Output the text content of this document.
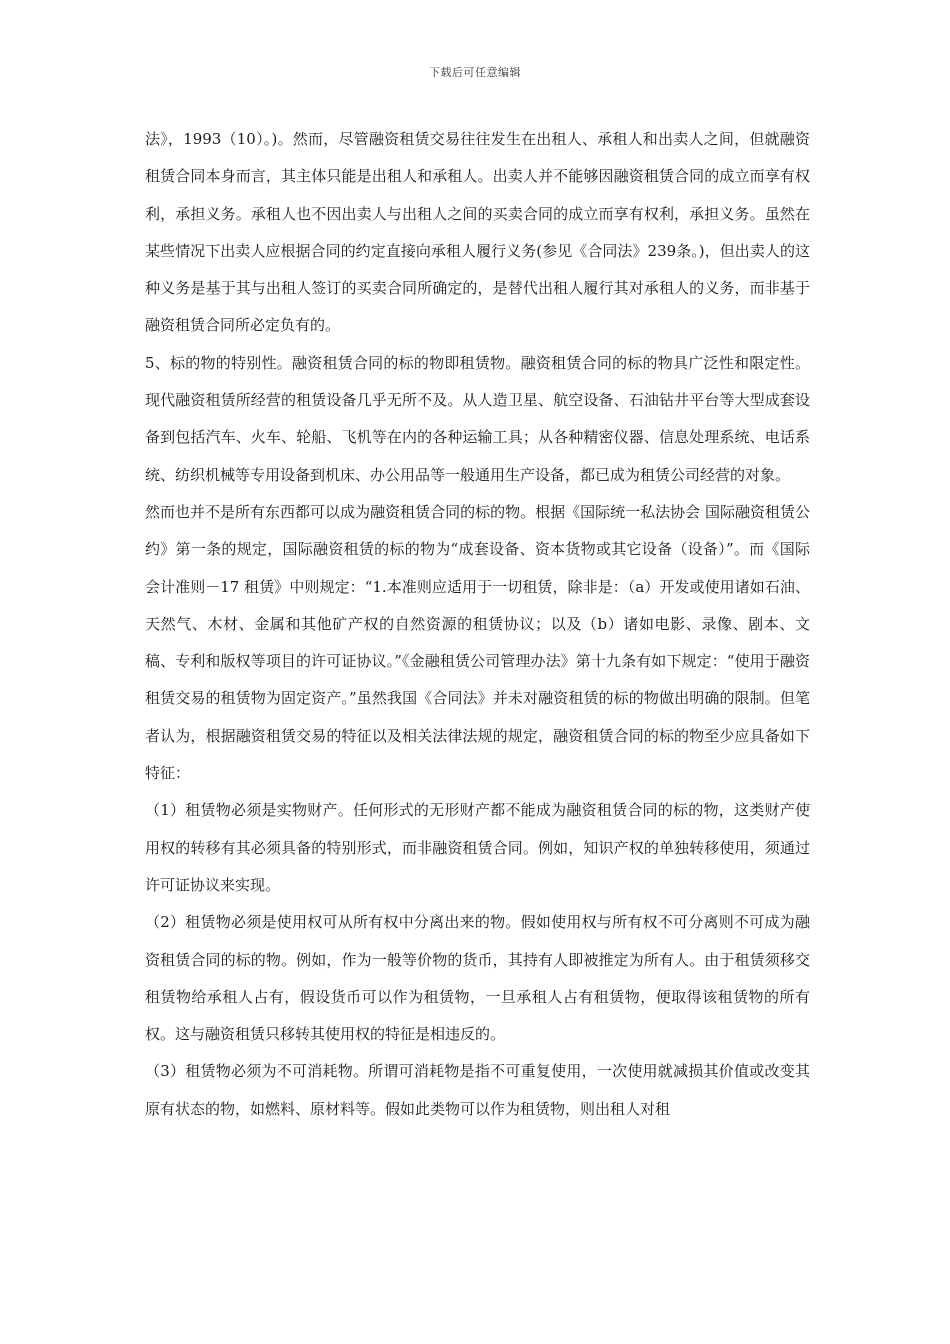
下载后可任意编辑

法》，1993（10）。)。然而，尽管融资租赁交易往往发生在出租人、承租人和出卖人之间，但就融资租赁合同本身而言，其主体只能是出租人和承租人。出卖人并不能够因融资租赁合同的成立而享有权利，承担义务。承租人也不因出卖人与出租人之间的买卖合同的成立而享有权利，承担义务。虽然在某些情况下出卖人应根据合同的约定直接向承租人履行义务(参见《合同法》239条。)，但出卖人的这种义务是基于其与出租人签订的买卖合同所确定的，是替代出租人履行其对承租人的义务，而非基于融资租赁合同所必定负有的。

5、标的物的特别性。融资租赁合同的标的物即租赁物。融资租赁合同的标的物具广泛性和限定性。现代融资租赁所经营的租赁设备几乎无所不及。从人造卫星、航空设备、石油钻井平台等大型成套设备到包括汽车、火车、轮船、飞机等在内的各种运输工具；从各种精密仪器、信息处理系统、电话系统、纺织机械等专用设备到机床、办公用品等一般通用生产设备，都已成为租赁公司经营的对象。

然而也并不是所有东西都可以成为融资租赁合同的标的物。根据《国际统一私法协会 国际融资租赁公约》第一条的规定，国际融资租赁的标的物为“成套设备、资本货物或其它设备（设备）”。而《国际会计准则－17 租赁》中则规定：“1.本准则应适用于一切租赁，除非是：（a）开发或使用诸如石油、天然气、木材、金属和其他矿产权的自然资源的租赁协议；以及（b）诸如电影、录像、剧本、文稿、专利和版权等项目的许可证协议。”《金融租赁公司管理办法》第十九条有如下规定：“使用于融资租赁交易的租赁物为固定资产。”虽然我国《合同法》并未对融资租赁的标的物做出明确的限制。但笔者认为，根据融资租赁交易的特征以及相关法律法规的规定，融资租赁合同的标的物至少应具备如下特征：

（1）租赁物必须是实物财产。任何形式的无形财产都不能成为融资租赁合同的标的物，这类财产使用权的转移有其必须具备的特别形式，而非融资租赁合同。例如，知识产权的单独转移使用，须通过许可证协议来实现。

（2）租赁物必须是使用权可从所有权中分离出来的物。假如使用权与所有权不可分离则不可成为融资租赁合同的标的物。例如，作为一般等价物的货币，其持有人即被推定为所有人。由于租赁须移交租赁物给承租人占有，假设货币可以作为租赁物，一旦承租人占有租赁物，便取得该租赁物的所有权。这与融资租赁只移转其使用权的特征是相违反的。

（3）租赁物必须为不可消耗物。所谓可消耗物是指不可重复使用，一次使用就减损其价值或改变其原有状态的物，如燃料、原材料等。假如此类物可以作为租赁物，则出租人对租
